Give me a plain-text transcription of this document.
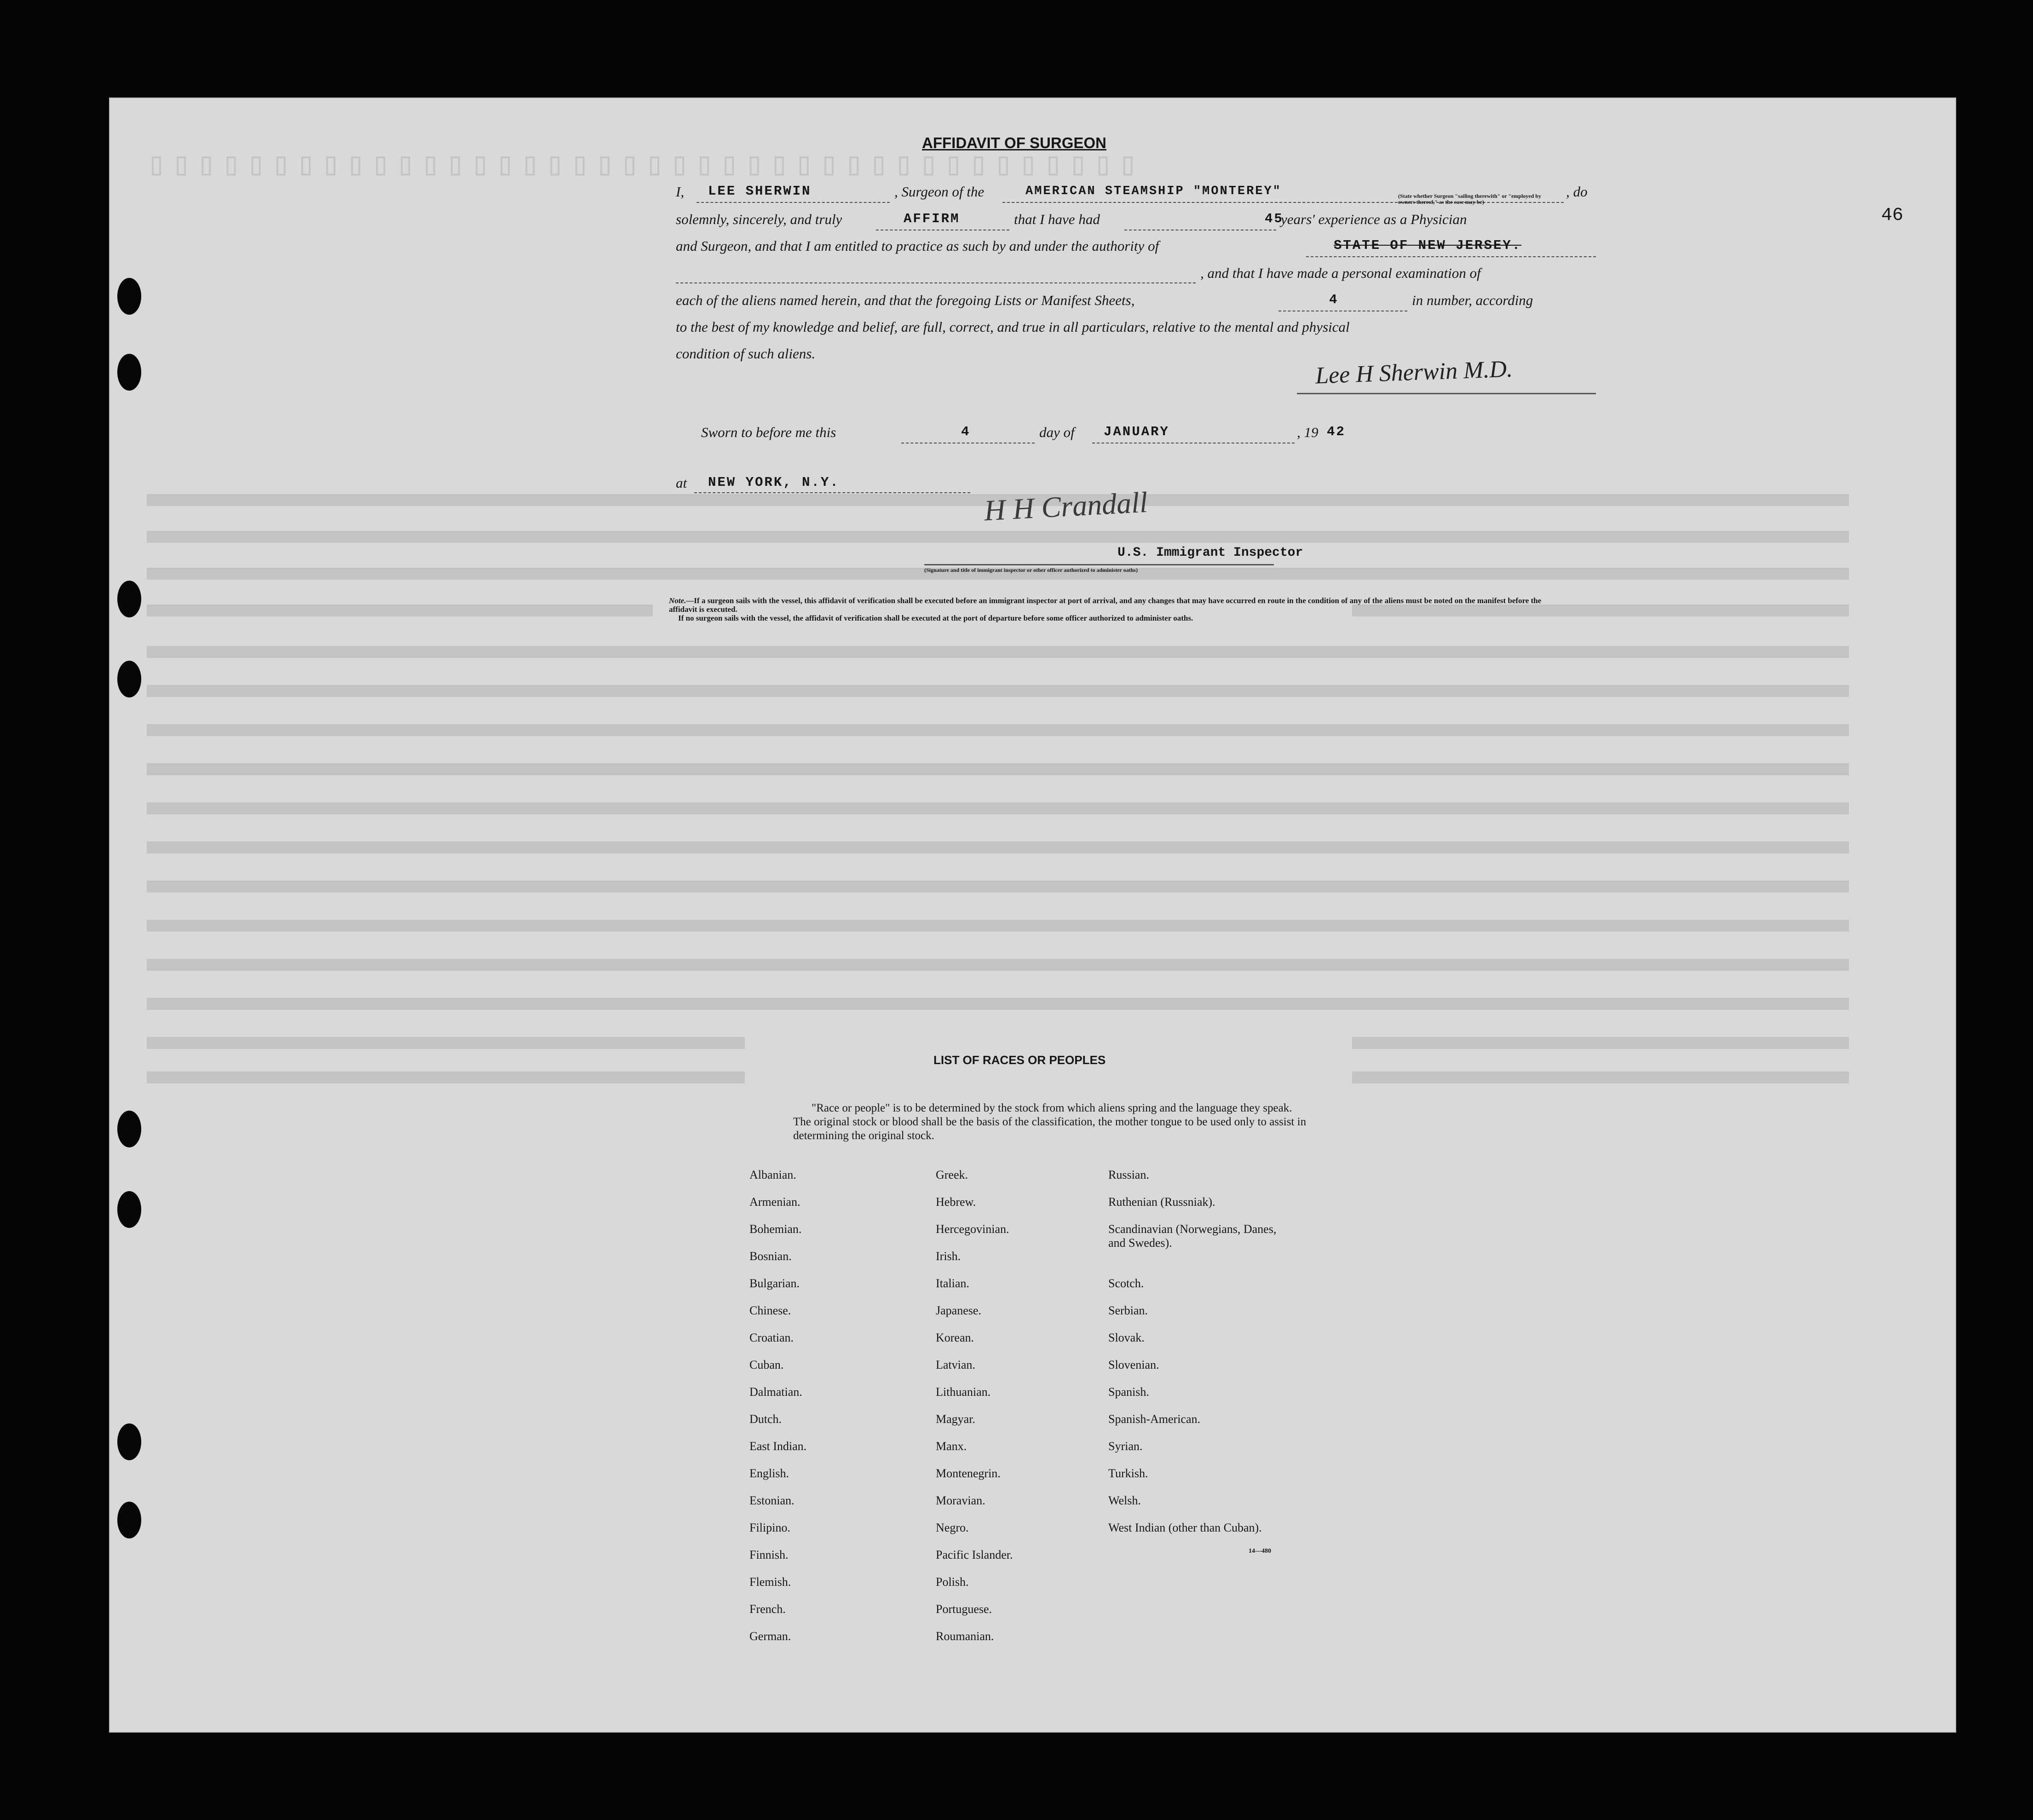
▯▯▯▯▯▯▯▯▯▯▯▯▯▯▯▯▯▯▯▯▯▯▯▯▯▯▯▯▯▯▯▯▯▯▯▯▯▯▯▯
46
AFFIDAVIT OF SURGEON
I, LEE SHERWIN	, Surgeon of the	AMERICAN STEAMSHIP "MONTEREY"	(State whether Surgeon "sailing therewith" or "employed by owners thereof," as the case may be)
, do
solemnly, sincerely, and truly	AFFIRM	that I have had	45
years' experience as a Physician
and Surgeon, and that I am entitled to practice as such by and under the authority of	STATE OF NEW JERSEY.
, and that I have made a personal examination of
each of the aliens named herein, and that the foregoing Lists or Manifest Sheets,	4	in number, according
to the best of my knowledge and belief, are full, correct, and true in all particulars, relative to the mental and physical
condition of such aliens.
Lee H Sherwin M.D.
Sworn to before me this	4	day of JANUARY	, 19 42
at NEW YORK, N.Y.
H H Crandall
U.S. Immigrant Inspector
(Signature and title of immigrant inspector or other officer authorized to administer oaths)
Note.—If a surgeon sails with the vessel, this affidavit of verification shall be executed before an immigrant inspector at port of arrival, and any changes that may have occurred en route in the condition of any of the aliens must be noted on the manifest before the affidavit is executed.
If no surgeon sails with the vessel, the affidavit of verification shall be executed at the port of departure before some officer authorized to administer oaths.
LIST OF RACES OR PEOPLES
"Race or people" is to be determined by the stock from which aliens spring and the language they speak. The original stock or blood shall be the basis of the classification, the mother tongue to be used only to assist in determining the original stock.
Albanian.
Armenian.
Bohemian.
Bosnian.
Bulgarian.
Chinese.
Croatian.
Cuban.
Dalmatian.
Dutch.
East Indian.
English.
Estonian.
Filipino.
Finnish.
Flemish.
French.
German.
Greek.
Hebrew.
Hercegovinian.
Irish.
Italian.
Japanese.
Korean.
Latvian.
Lithuanian.
Magyar.
Manx.
Montenegrin.
Moravian.
Negro.
Pacific Islander.
Polish.
Portuguese.
Roumanian.
Russian.
Ruthenian (Russniak).
Scandinavian (Norwegians, Danes, and Swedes).
Scotch.
Serbian.
Slovak.
Slovenian.
Spanish.
Spanish-American.
Syrian.
Turkish.
Welsh.
West Indian (other than Cuban).
14—480
